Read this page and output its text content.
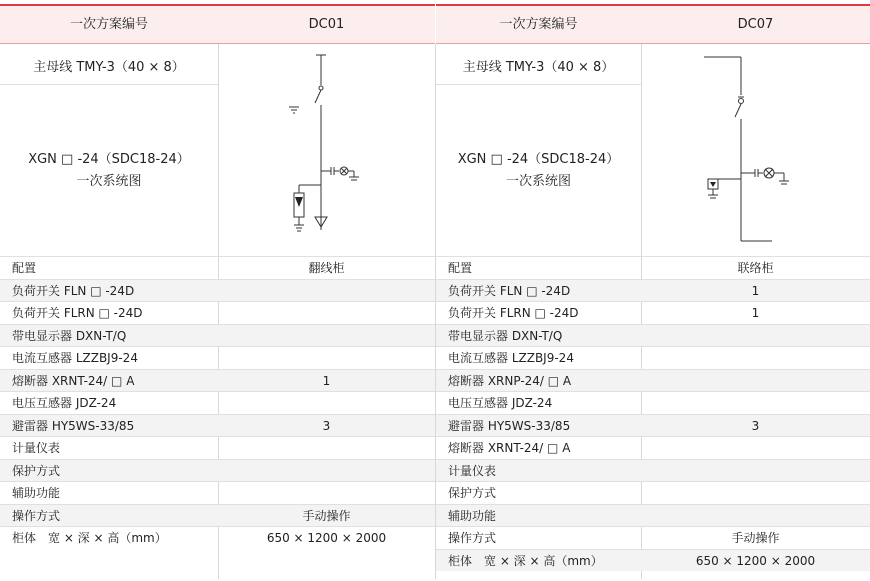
一次方案编号	DC01	一次方案编号	DC07
主母线 TMY-3（40 × 8）
XGN □ -24（SDC18-24）
一次系统图
主母线 TMY-3（40 × 8）
XGN □ -24（SDC18-24）
一次系统图
配置	翻线柜
负荷开关 FLN □ -24D
负荷开关 FLRN □ -24D
带电显示器 DXN-T/Q
电流互感器 LZZBJ9-24
熔断器 XRNT-24/ □ A	1
电压互感器 JDZ-24
避雷器 HY5WS-33/85	3
计量仪表
保护方式
辅助功能
操作方式	手动操作
柜体　宽 × 深 × 高（mm）	650 × 1200 × 2000
配置	联络柜
负荷开关 FLN □ -24D	1
负荷开关 FLRN □ -24D	1
带电显示器 DXN-T/Q
电流互感器 LZZBJ9-24
熔断器 XRNP-24/ □ A
电压互感器 JDZ-24
避雷器 HY5WS-33/85	3
熔断器 XRNT-24/ □ A
计量仪表
保护方式
辅助功能
操作方式	手动操作
柜体　宽 × 深 × 高（mm）	650 × 1200 × 2000
